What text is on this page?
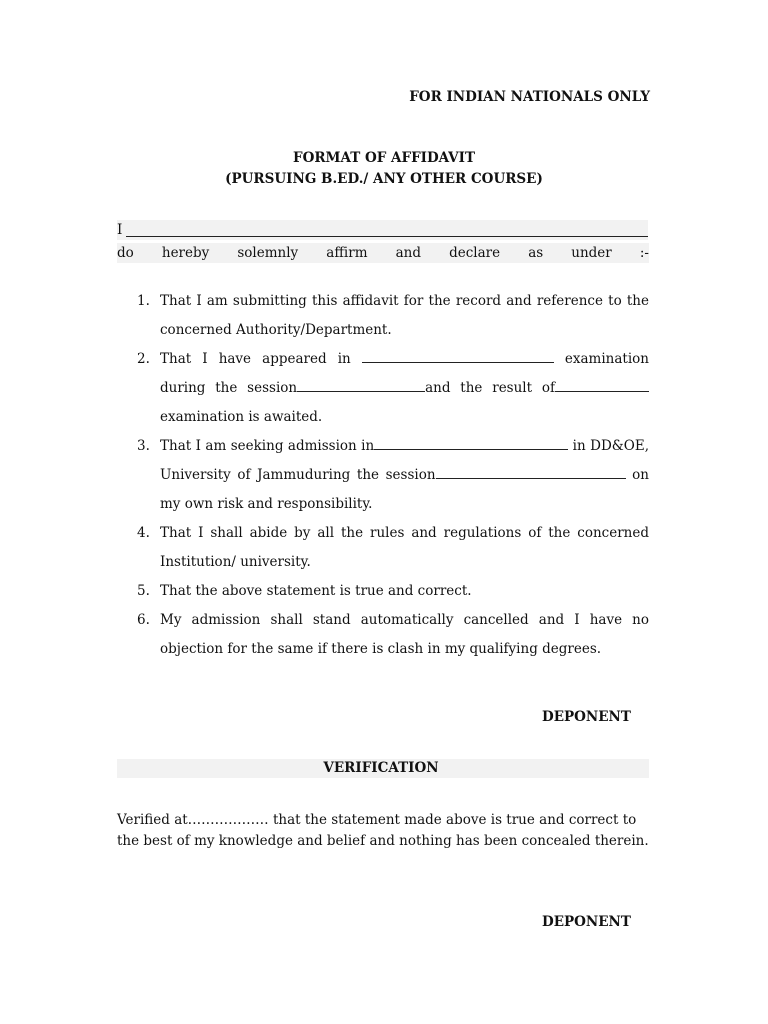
FOR INDIAN NATIONALS ONLY
FORMAT OF AFFIDAVIT
(PURSUING B.ED./ ANY OTHER COURSE)
I
do hereby solemnly affirm and declare as under :-
1. That I am submitting this affidavit for the record and reference to the concerned Authority/Department.
2. That I have appeared in	examination during the session	and the result ofexamination is awaited.
3. That I am seeking admission in	in DD&OE, University of Jammuduring the session	on my own risk and responsibility.
4. That I shall abide by all the rules and regulations of the concerned Institution/ university.
5. That the above statement is true and correct.
6. My admission shall stand automatically cancelled and I have no objection for the same if there is clash in my qualifying degrees.
DEPONENT
VERIFICATION
Verified at……………… that the statement made above is true and correct to the best of my knowledge and belief and nothing has been concealed therein.
DEPONENT
